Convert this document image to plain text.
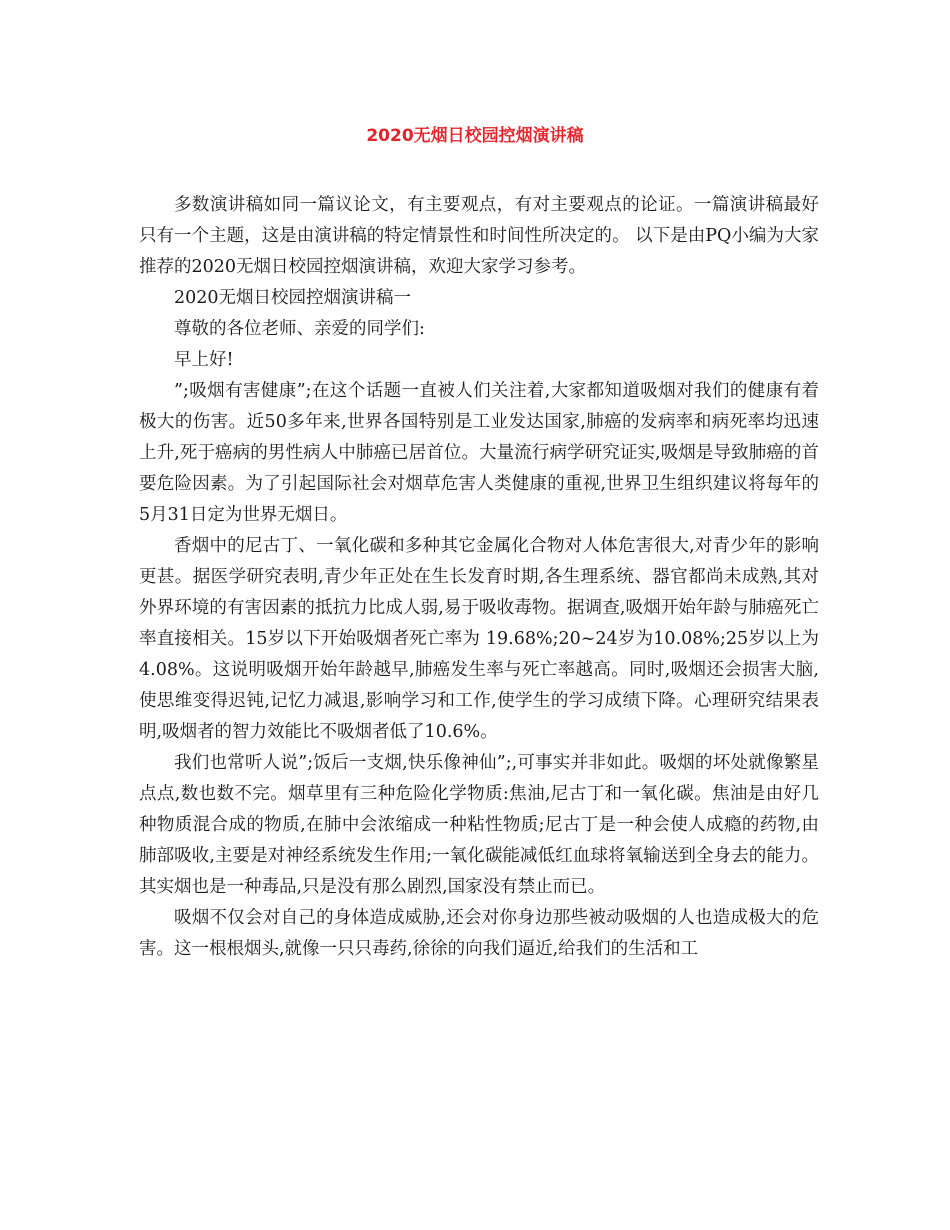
2020无烟日校园控烟演讲稿

多数演讲稿如同一篇议论文，有主要观点，有对主要观点的论证。一篇演讲稿最好只有一个主题，这是由演讲稿的特定情景性和时间性所决定的。 以下是由PQ小编为大家推荐的2020无烟日校园控烟演讲稿，欢迎大家学习参考。

2020无烟日校园控烟演讲稿一

尊敬的各位老师、亲爱的同学们:

早上好!

”;吸烟有害健康”;在这个话题一直被人们关注着,大家都知道吸烟对我们的健康有着极大的伤害。近50多年来,世界各国特别是工业发达国家,肺癌的发病率和病死率均迅速上升,死于癌病的男性病人中肺癌已居首位。大量流行病学研究证实,吸烟是导致肺癌的首要危险因素。为了引起国际社会对烟草危害人类健康的重视,世界卫生组织建议将每年的5月31日定为世界无烟日。

香烟中的尼古丁、一氧化碳和多种其它金属化合物对人体危害很大,对青少年的影响更甚。据医学研究表明,青少年正处在生长发育时期,各生理系统、器官都尚未成熟,其对外界环境的有害因素的抵抗力比成人弱,易于吸收毒物。据调查,吸烟开始年龄与肺癌死亡率直接相关。15岁以下开始吸烟者死亡率为 19.68%;20~24岁为10.08%;25岁以上为4.08%。这说明吸烟开始年龄越早,肺癌发生率与死亡率越高。同时,吸烟还会损害大脑,使思维变得迟钝,记忆力减退,影响学习和工作,使学生的学习成绩下降。心理研究结果表明,吸烟者的智力效能比不吸烟者低了10.6%。

我们也常听人说”;饭后一支烟,快乐像神仙”;,可事实并非如此。吸烟的坏处就像繁星点点,数也数不完。烟草里有三种危险化学物质:焦油,尼古丁和一氧化碳。焦油是由好几种物质混合成的物质,在肺中会浓缩成一种粘性物质;尼古丁是一种会使人成瘾的药物,由肺部吸收,主要是对神经系统发生作用;一氧化碳能减低红血球将氧输送到全身去的能力。其实烟也是一种毒品,只是没有那么剧烈,国家没有禁止而已。

吸烟不仅会对自己的身体造成威胁,还会对你身边那些被动吸烟的人也造成极大的危害。这一根根烟头,就像一只只毒药,徐徐的向我们逼近,给我们的生活和工
